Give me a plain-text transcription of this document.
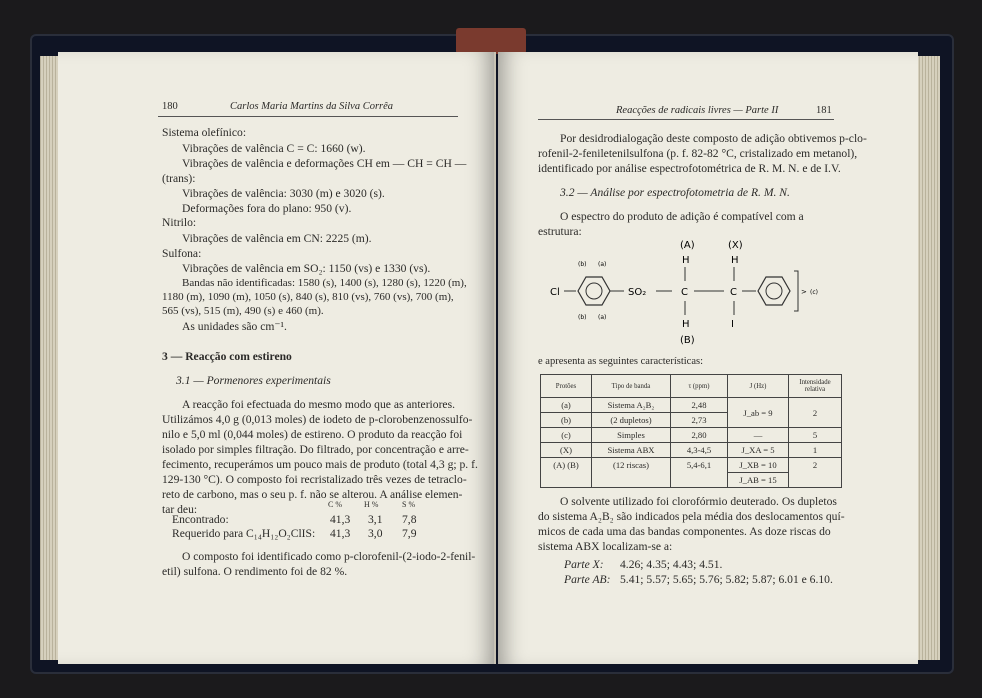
180	Carlos Maria Martins da Silva Corrêa
Sistema olefínico:
Vibrações de valência C = C: 1660 (w).
Vibrações de valência e deformações CH em — CH = CH —
(trans):
Vibrações de valência: 3030 (m) e 3020 (s).
Deformações fora do plano: 950 (v).
Nitrilo:
Vibrações de valência em CN: 2225 (m).
Sulfona:
Vibrações de valência em SO₂: 1150 (vs) e 1330 (vs).
Bandas não identificadas: 1580 (s), 1400 (s), 1280 (s), 1220 (m),
1180 (m), 1090 (m), 1050 (s), 840 (s), 810 (vs), 760 (vs), 700 (m),
565 (vs), 515 (m), 490 (s) e 460 (m).
As unidades são cm⁻¹.
3 — Reacção com estireno
3.1 — Pormenores experimentais
A reacção foi efectuada do mesmo modo que as anteriores.
Utilizámos 4,0 g (0,013 moles) de iodeto de p-clorobenzenossulfo-
nilo e 5,0 ml (0,044 moles) de estireno. O produto da reacção foi
isolado por simples filtração. Do filtrado, por concentração e arre-
fecimento, recuperámos um pouco mais de produto (total 4,3 g; p. f.
129-130 °C). O composto foi recristalizado três vezes de tetraclo-
reto de carbono, mas o seu p. f. não se alterou. A análise elemen-
tar deu:	C %	H %	S %
Encontrado:	41,3 3,1 7,8
Requerido para C₁₄H₁₂O₂ClIS: 41,3 3,0 7,9
O composto foi identificado como p-clorofenil-(2-iodo-2-fenil-
etil) sulfona. O rendimento foi de 82 %.
Reacções de radicais livres — Parte II	181
Por desidrodialogação deste composto de adição obtivemos p-clo-
rofenil-2-feniletenilsulfona (p. f. 82-82 °C, cristalizado em metanol),
identificado por análise espectrofotométrica de R. M. N. e de I.V.
3.2 — Análise por espectrofotometria de R. M. N.
O espectro do produto de adição é compatível com a
estrutura:
(A)	(X)
H	H
(b) (a)
Cl	SO₂	C	C	> (c)
(b) (a)
H	I
(B)
e apresenta as seguintes características:
Protões	Tipo de banda	τ (ppm)	J (Hz)	Intensidade relativa
(a)	Sistema A₂B₂	2,48	J_ab = 9	2
(b)	(2 dupletos)	2,73		
(c)	Simples	2,80	—	5
(X)	Sistema ABX	4,3-4,5	J_XA = 5	1
(A) (B)	(12 riscas)	5,4-6,1	J_XB = 10	2
			J_AB = 15	
O solvente utilizado foi clorofórmio deuterado. Os dupletos
do sistema A₂B₂ são indicados pela média dos deslocamentos quí-
micos de cada uma das bandas componentes. As doze riscas do
sistema ABX localizam-se a:
Parte X: 4.26; 4.35; 4.43; 4.51.
Parte AB: 5.41; 5.57; 5.65; 5.76; 5.82; 5.87; 6.01 e 6.10.
